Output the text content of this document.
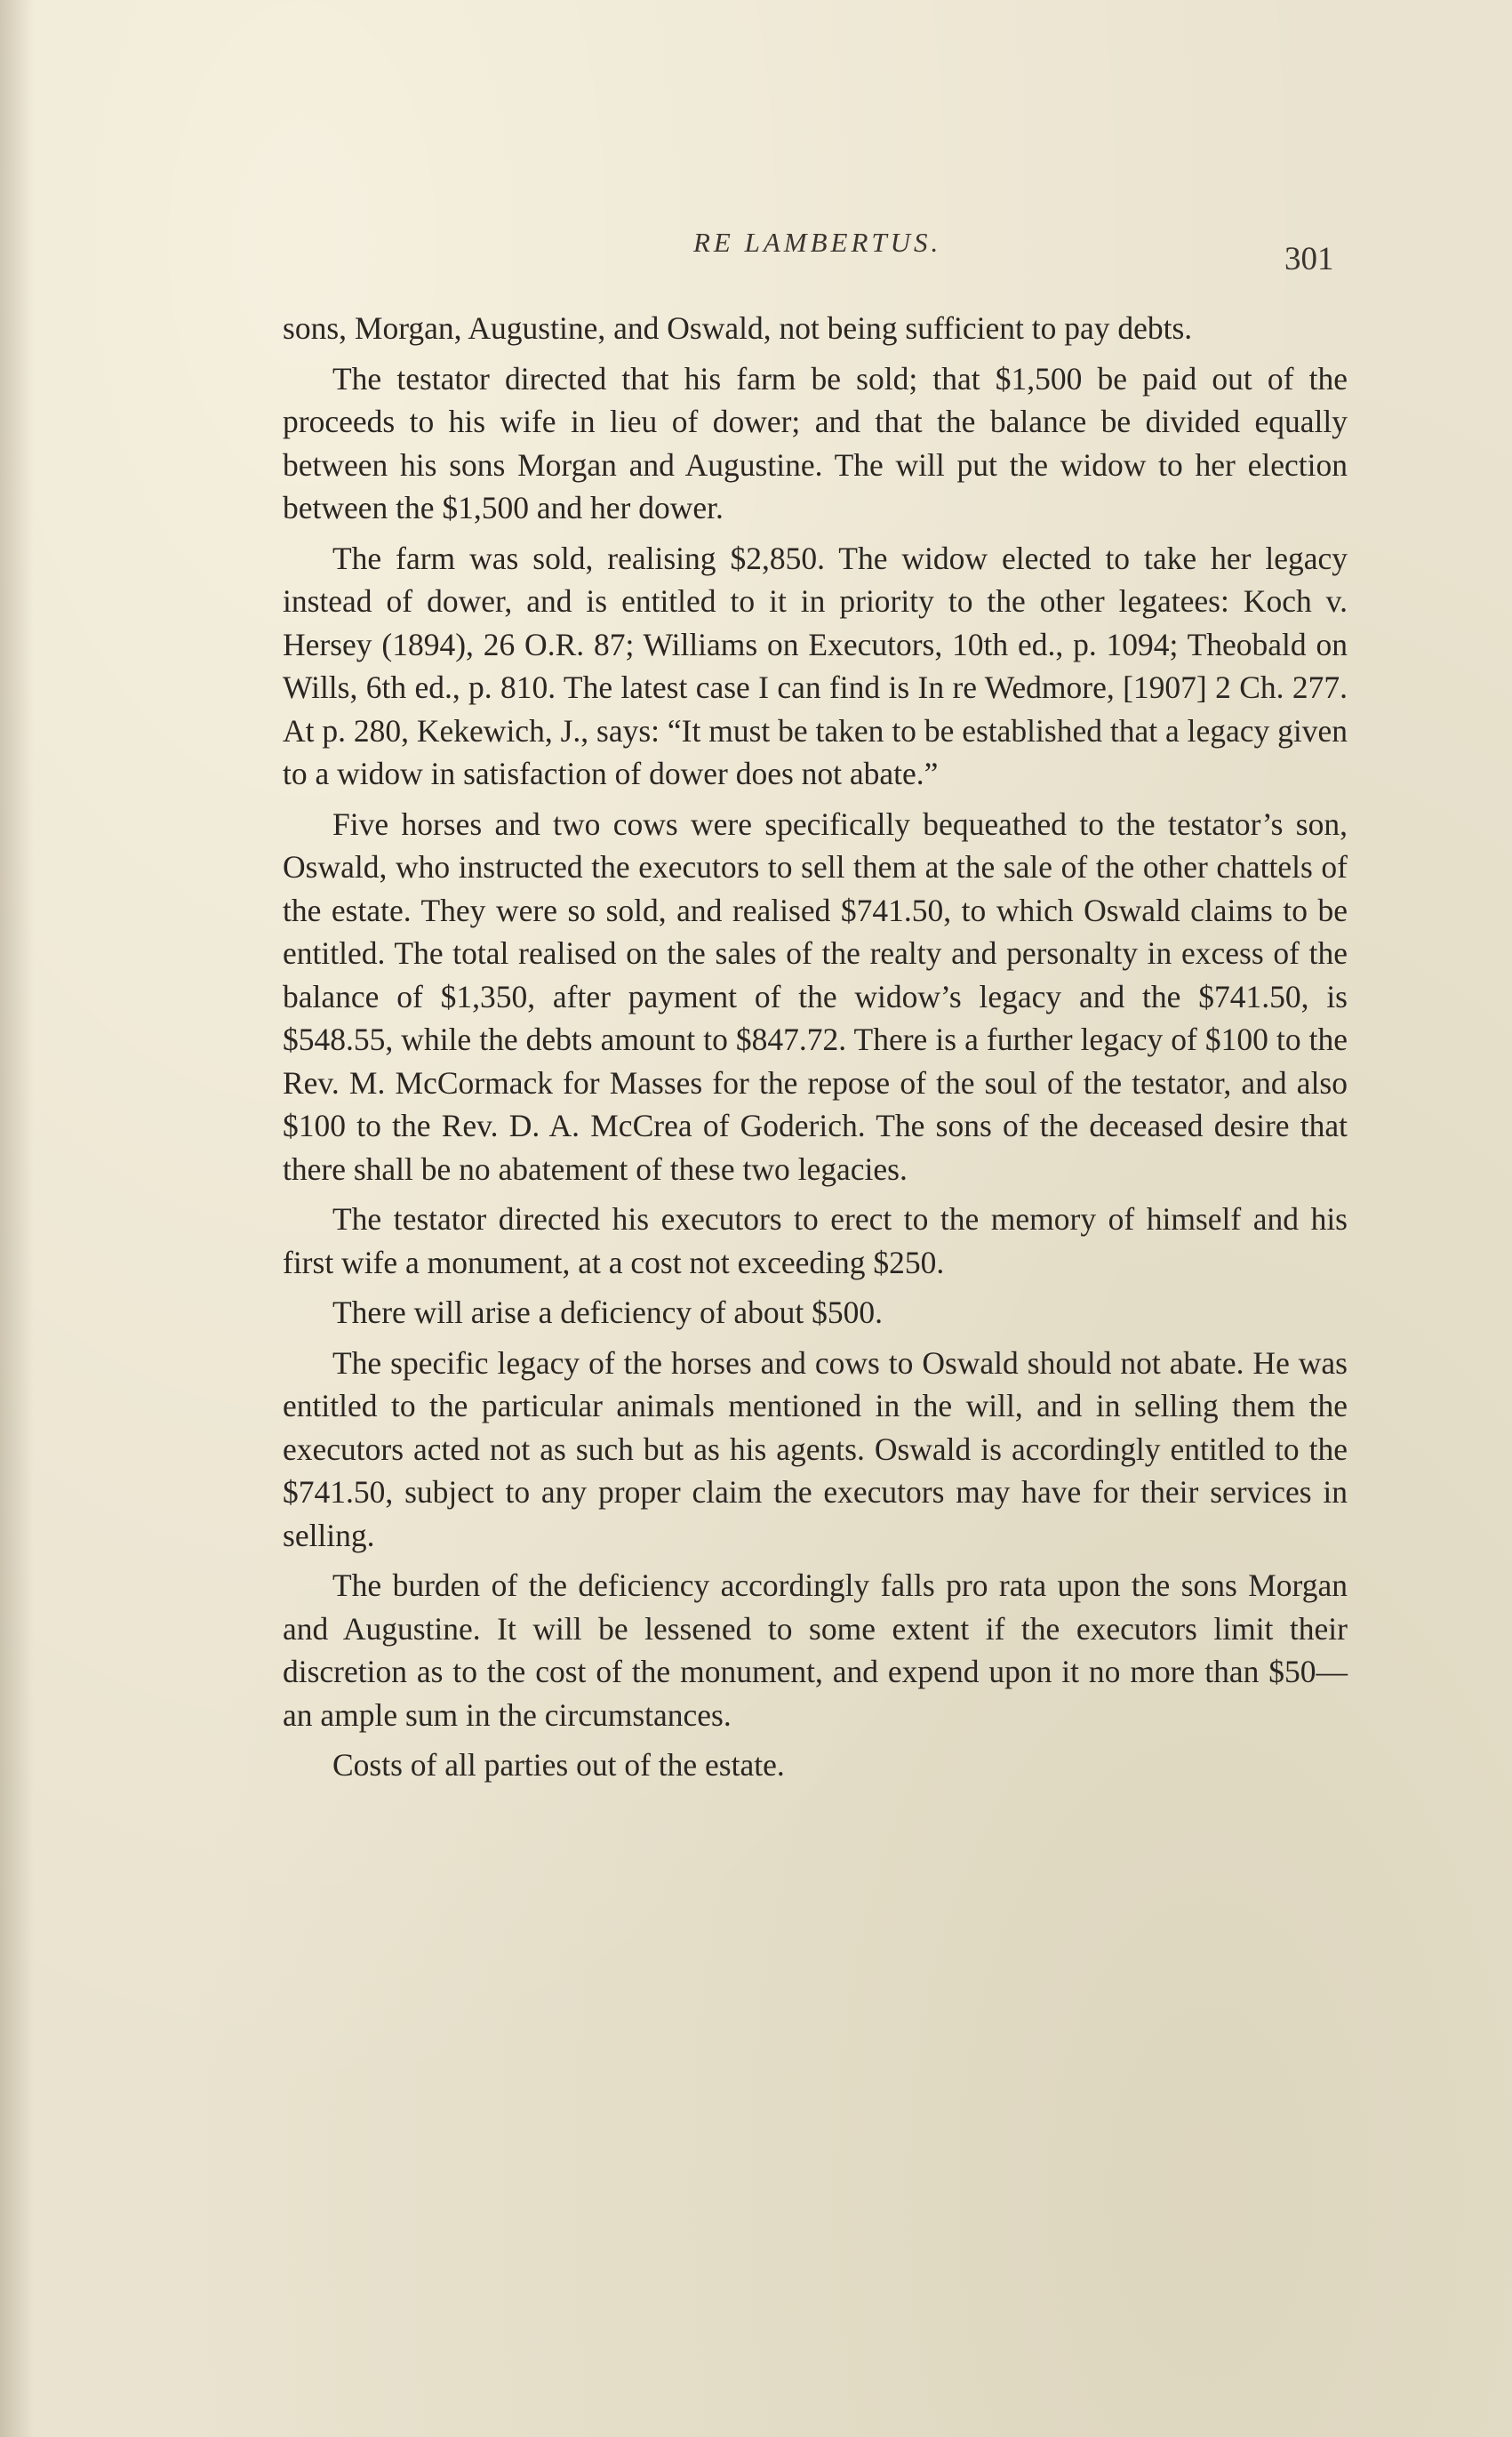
RE LAMBERTUS.	301

sons, Morgan, Augustine, and Oswald, not being sufficient to pay debts.

The testator directed that his farm be sold; that $1,500 be paid out of the proceeds to his wife in lieu of dower; and that the balance be divided equally between his sons Morgan and Augustine. The will put the widow to her election between the $1,500 and her dower.

The farm was sold, realising $2,850. The widow elected to take her legacy instead of dower, and is entitled to it in priority to the other legatees: Koch v. Hersey (1894), 26 O.R. 87; Williams on Executors, 10th ed., p. 1094; Theobald on Wills, 6th ed., p. 810. The latest case I can find is In re Wedmore, [1907] 2 Ch. 277. At p. 280, Kekewich, J., says: “It must be taken to be established that a legacy given to a widow in satisfaction of dower does not abate.”

Five horses and two cows were specifically bequeathed to the testator’s son, Oswald, who instructed the executors to sell them at the sale of the other chattels of the estate. They were so sold, and realised $741.50, to which Oswald claims to be entitled. The total realised on the sales of the realty and personalty in excess of the balance of $1,350, after payment of the widow’s legacy and the $741.50, is $548.55, while the debts amount to $847.72. There is a further legacy of $100 to the Rev. M. McCormack for Masses for the repose of the soul of the testator, and also $100 to the Rev. D. A. McCrea of Goderich. The sons of the deceased desire that there shall be no abatement of these two legacies.

The testator directed his executors to erect to the memory of himself and his first wife a monument, at a cost not exceeding $250.

There will arise a deficiency of about $500.

The specific legacy of the horses and cows to Oswald should not abate. He was entitled to the particular animals mentioned in the will, and in selling them the executors acted not as such but as his agents. Oswald is accordingly entitled to the $741.50, subject to any proper claim the executors may have for their services in selling.

The burden of the deficiency accordingly falls pro rata upon the sons Morgan and Augustine. It will be lessened to some extent if the executors limit their discretion as to the cost of the monument, and expend upon it no more than $50—an ample sum in the circumstances.

Costs of all parties out of the estate.
